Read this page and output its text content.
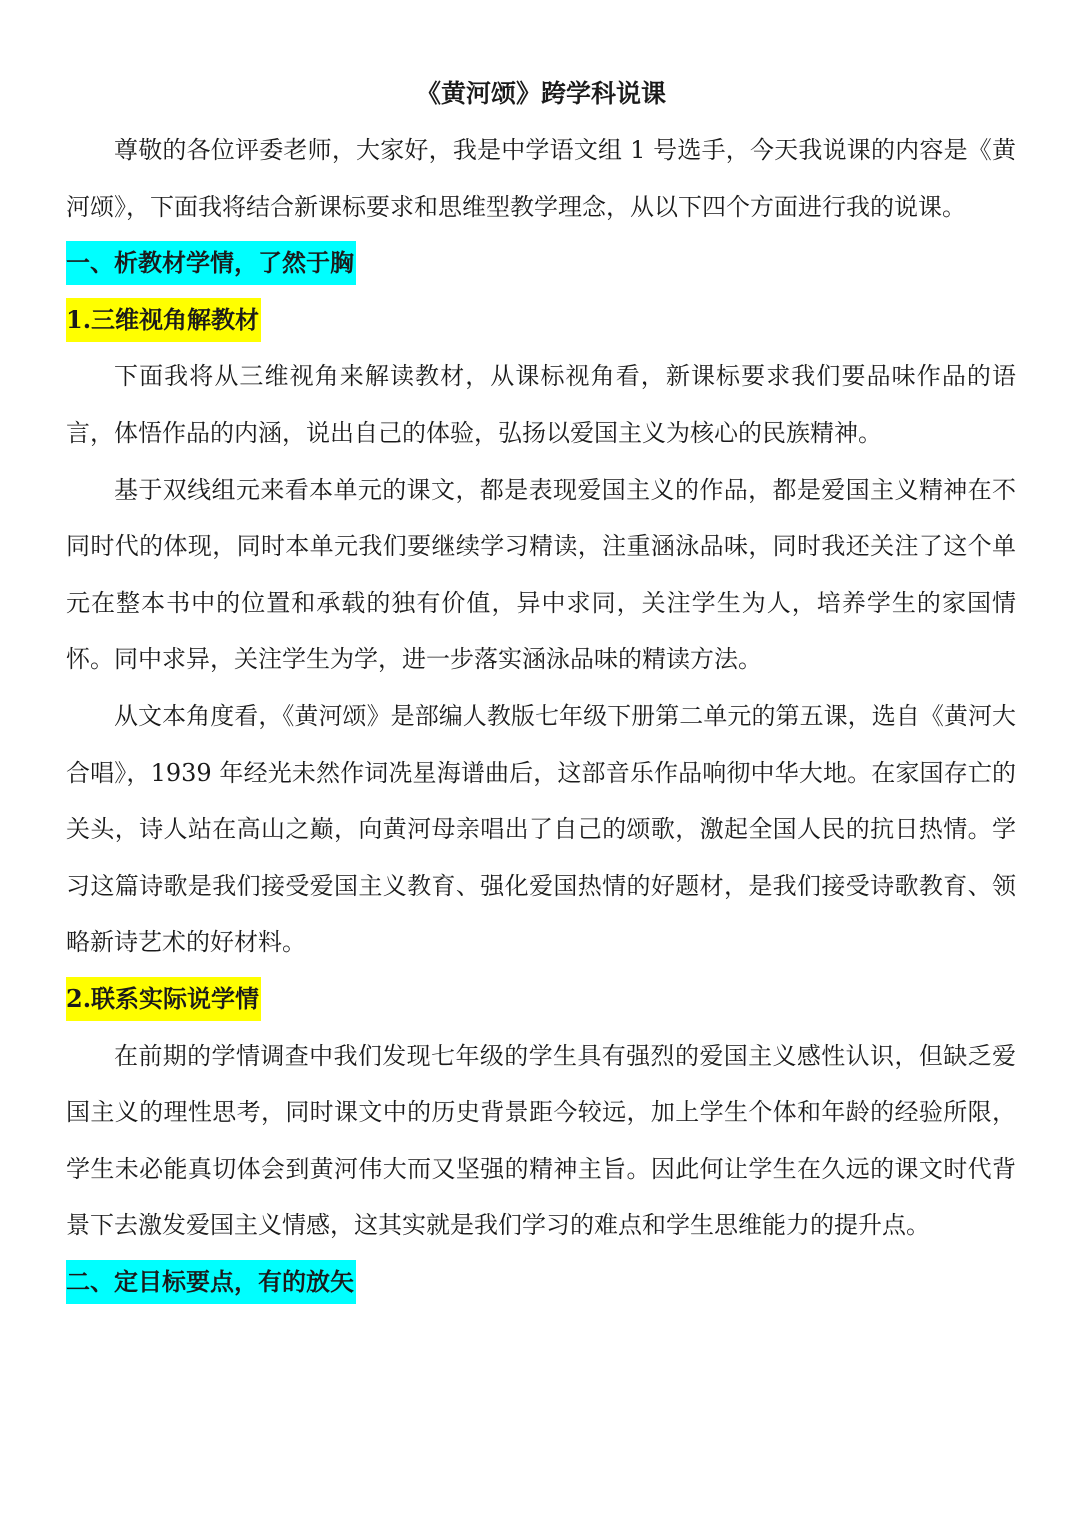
《黄河颂》跨学科说课

尊敬的各位评委老师，大家好，我是中学语文组 1 号选手，今天我说课的内容是《黄河颂》，下面我将结合新课标要求和思维型教学理念，从以下四个方面进行我的说课。

一、析教材学情，了然于胸

1.三维视角解教材

下面我将从三维视角来解读教材，从课标视角看，新课标要求我们要品味作品的语言，体悟作品的内涵，说出自己的体验，弘扬以爱国主义为核心的民族精神。

基于双线组元来看本单元的课文，都是表现爱国主义的作品，都是爱国主义精神在不同时代的体现，同时本单元我们要继续学习精读，注重涵泳品味，同时我还关注了这个单元在整本书中的位置和承载的独有价值，异中求同，关注学生为人，培养学生的家国情怀。同中求异，关注学生为学，进一步落实涵泳品味的精读方法。

从文本角度看，《黄河颂》是部编人教版七年级下册第二单元的第五课，选自《黄河大合唱》，1939 年经光未然作词冼星海谱曲后，这部音乐作品响彻中华大地。在家国存亡的关头，诗人站在高山之巅，向黄河母亲唱出了自己的颂歌，激起全国人民的抗日热情。学习这篇诗歌是我们接受爱国主义教育、强化爱国热情的好题材，是我们接受诗歌教育、领略新诗艺术的好材料。

2.联系实际说学情

在前期的学情调查中我们发现七年级的学生具有强烈的爱国主义感性认识，但缺乏爱国主义的理性思考，同时课文中的历史背景距今较远，加上学生个体和年龄的经验所限，学生未必能真切体会到黄河伟大而又坚强的精神主旨。因此何让学生在久远的课文时代背景下去激发爱国主义情感，这其实就是我们学习的难点和学生思维能力的提升点。

二、定目标要点，有的放矢
